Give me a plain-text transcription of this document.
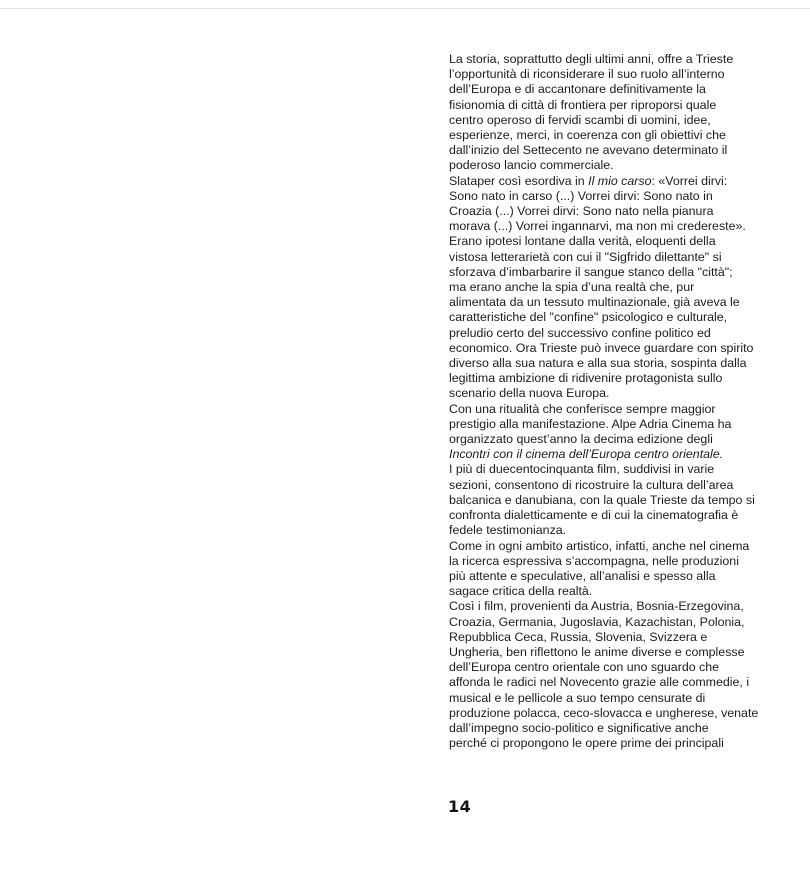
La storia, soprattutto degli ultimi anni, offre a Trieste
l’opportunità di riconsiderare il suo ruolo all’interno
dell’Europa e di accantonare definitivamente la
fisionomia di città di frontiera per riproporsi quale
centro operoso di fervidi scambi di uomini, idee,
esperienze, merci, in coerenza con gli obiettivi che
dall’inizio del Settecento ne avevano determinato il
poderoso lancio commerciale.
Slataper così esordiva in Il mio carso: «Vorrei dirvi:
Sono nato in carso (...) Vorrei dirvi: Sono nato in
Croazia (...) Vorrei dirvi: Sono nato nella pianura
morava (...) Vorrei ingannarvi, ma non mi credereste».
Erano ipotesi lontane dalla verità, eloquenti della
vistosa letterarietà con cui il "Sigfrido dilettante" si
sforzava d’imbarbarire il sangue stanco della "città";
ma erano anche la spia d’una realtà che, pur
alimentata da un tessuto multinazionale, già aveva le
caratteristiche del "confine" psicologico e culturale,
preludio certo del successivo confine politico ed
economico. Ora Trieste può invece guardare con spirito
diverso alla sua natura e alla sua storia, sospinta dalla
legittima ambizione di ridivenire protagonista sullo
scenario della nuova Europa.
Con una ritualità che conferisce sempre maggior
prestigio alla manifestazione. Alpe Adria Cinema ha
organizzato quest’anno la decima edizione degli
Incontri con il cinema dell’Europa centro orientale.
I più di duecentocinquanta film, suddivisi in varie
sezioni, consentono di ricostruire la cultura dell’area
balcanica e danubiana, con la quale Trieste da tempo si
confronta dialetticamente e di cui la cinematografia è
fedele testimonianza.
Come in ogni ambito artistico, infatti, anche nel cinema
la ricerca espressiva s’accompagna, nelle produzioni
più attente e speculative, all’analisi e spesso alla
sagace critica della realtà.
Così i film, provenienti da Austria, Bosnia-Erzegovina,
Croazia, Germania, Jugoslavia, Kazachistan, Polonia,
Repubblica Ceca, Russia, Slovenia, Svizzera e
Ungheria, ben riflettono le anime diverse e complesse
dell’Europa centro orientale con uno sguardo che
affonda le radici nel Novecento grazie alle commedie, i
musical e le pellicole a suo tempo censurate di
produzione polacca, ceco-slovacca e ungherese, venate
dall’impegno socio-politico e significative anche
perché ci propongono le opere prime dei principali
14
